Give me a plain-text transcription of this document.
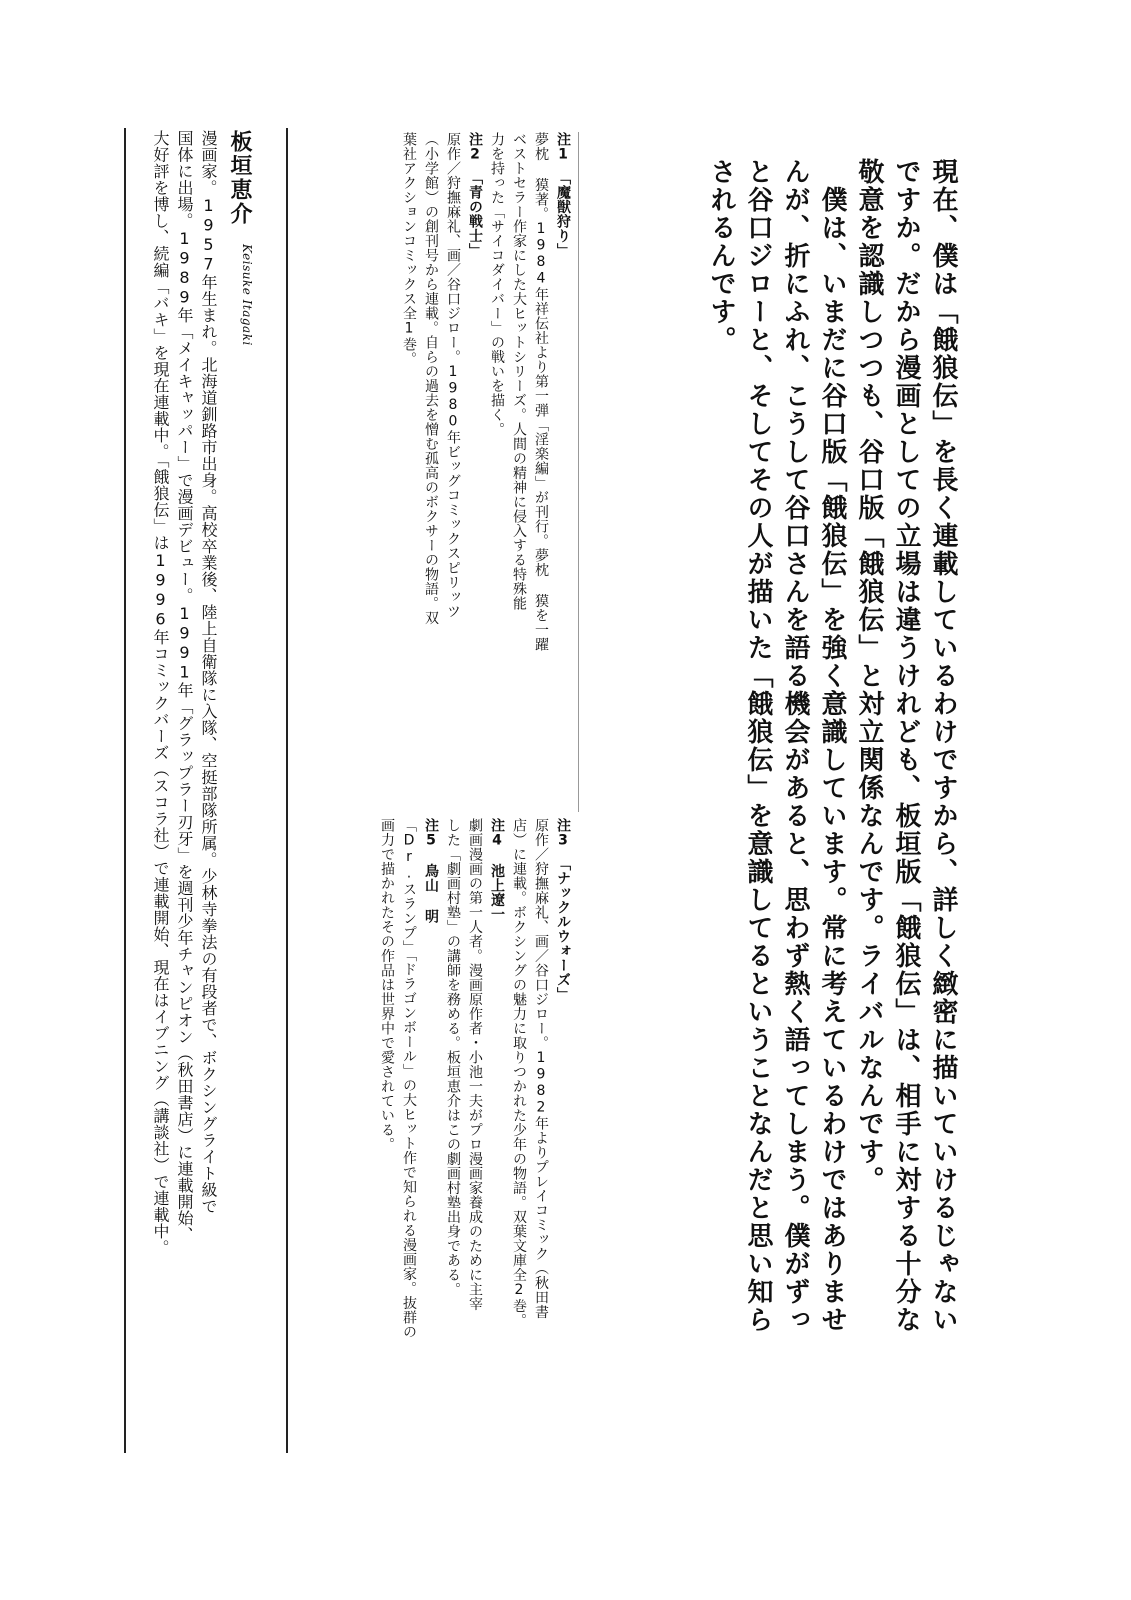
現在、僕は「餓狼伝」を長く連載しているわけですから、詳しく緻密に描いていけるじゃない

ですか。だから漫画としての立場は違うけれども、板垣版「餓狼伝」は、相手に対する十分な

敬意を認識しつつも、谷口版「餓狼伝」と対立関係なんです。ライバルなんです。

　僕は、いまだに谷口版「餓狼伝」を強く意識しています。常に考えているわけではありませ

んが、折にふれ、こうして谷口さんを語る機会があると、思わず熱く語ってしまう。僕がずっ

と谷口ジローと、そしてその人が描いた「餓狼伝」を意識してるということなんだと思い知ら

されるんです。

注3　「ナックルウォーズ」

原作／狩撫麻礼、画／谷口ジロー。1982年よりプレイコミック（秋田書

店）に連載。ボクシングの魅力に取りつかれた少年の物語。双葉文庫全2巻。

注4　池上遼一

劇画漫画の第一人者。漫画原作者・小池一夫がプロ漫画家養成のために主宰

した「劇画村塾」の講師を務める。板垣恵介はこの劇画村塾出身である。

注5　鳥山 明

「Dr.スランプ」「ドラゴンボール」の大ヒット作で知られる漫画家。抜群の

画力で描かれたその作品は世界中で愛されている。

注1　「魔獣狩り」

夢枕 獏著。1984年祥伝社より第一弾「淫楽編」が刊行。夢枕 獏を一躍

ベストセラー作家にした大ヒットシリーズ。人間の精神に侵入する特殊能

力を持った「サイコダイバー」の戦いを描く。

注2　「青の戦士」

原作／狩撫麻礼、画／谷口ジロー。1980年ビッグコミックスピリッツ

（小学館）の創刊号から連載。自らの過去を憎む孤高のボクサーの物語。双

葉社アクションコミックス全1巻。

板垣恵介

Keisuke Itagaki

漫画家。1957年生まれ。北海道釧路市出身。高校卒業後、陸上自衛隊に入隊、空挺部隊所属。少林寺拳法の有段者で、ボクシングライト級で

国体に出場。1989年「メイキャッパー」で漫画デビュー。1991年「グラップラー刃牙」を週刊少年チャンピオン（秋田書店）に連載開始、

大好評を博し、続編「バキ」を現在連載中。「餓狼伝」は1996年コミックバーズ（スコラ社）で連載開始、現在はイブニング（講談社）で連載中。
